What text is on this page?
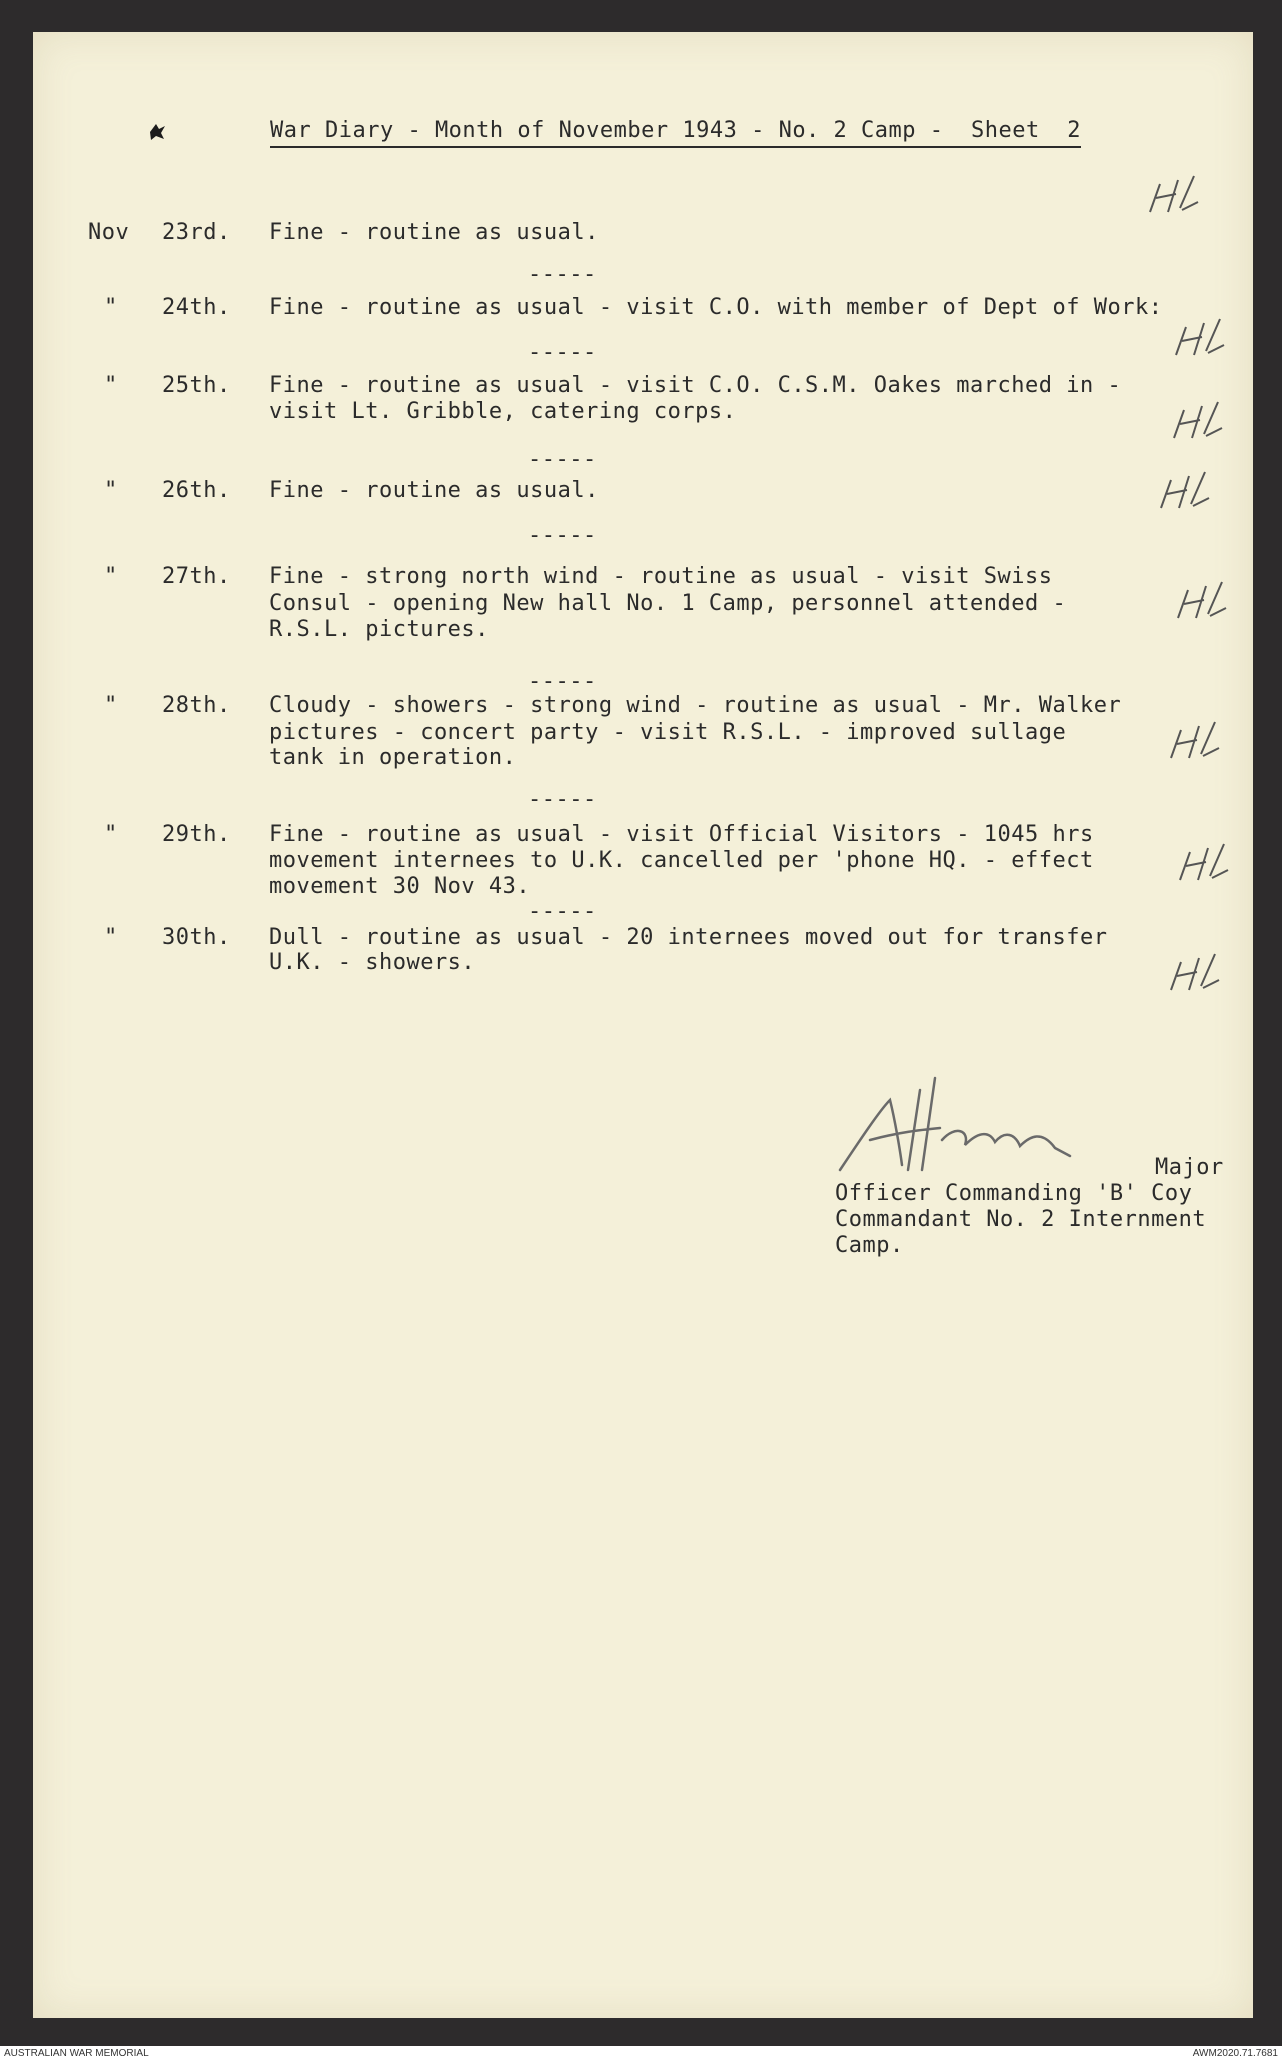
War Diary - Month of November 1943 - No. 2 Camp -  Sheet  2
Nov 23rd. Fine - routine as usual.
-----
" 24th. Fine - routine as usual - visit C.O. with member of Dept of Work:
-----
" 25th. Fine - routine as usual - visit C.O. C.S.M. Oakes marched in -
visit Lt. Gribble, catering corps.
-----
" 26th. Fine - routine as usual.
-----
" 27th. Fine - strong north wind - routine as usual - visit Swiss
Consul - opening New hall No. 1 Camp, personnel attended -
R.S.L. pictures.
-----
" 28th. Cloudy - showers - strong wind - routine as usual - Mr. Walker
pictures - concert party - visit R.S.L. - improved sullage
tank in operation.
-----
" 29th. Fine - routine as usual - visit Official Visitors - 1045 hrs
movement internees to U.K. cancelled per 'phone HQ. - effect
movement 30 Nov 43.
-----
" 30th. Dull - routine as usual - 20 internees moved out for transfer
U.K. - showers.
Major
Officer Commanding 'B' Coy
Commandant No. 2 Internment
Camp.
AUSTRALIAN WAR MEMORIAL	AWM2020.71.7681
